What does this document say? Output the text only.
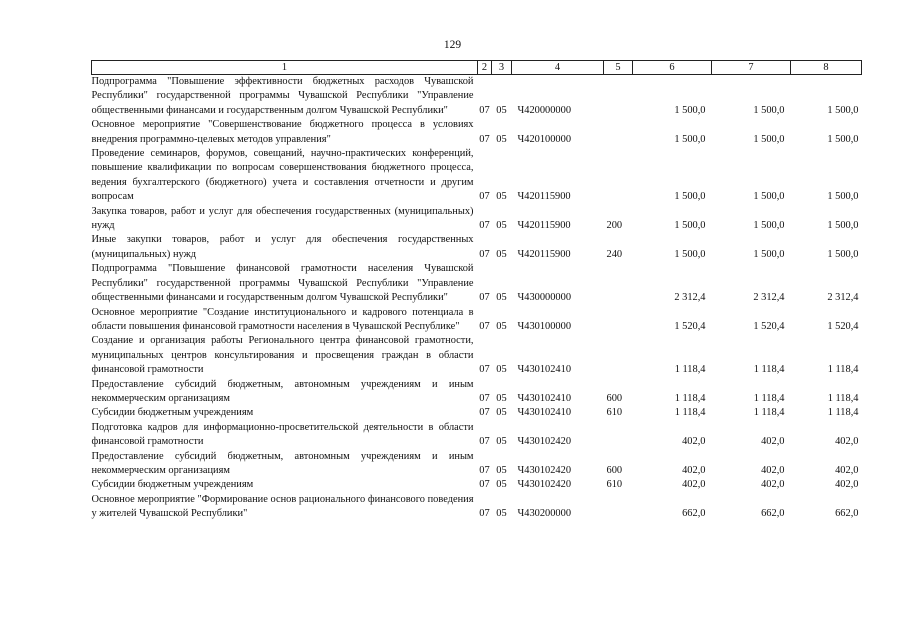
129
1	2	3	4	5	6	7	8
Подпрограмма "Повышение эффективности бюджетных расходов Чувашской Республики" государственной программы Чувашской Республики "Управление общественными финансами и государственным долгом Чувашской Республики"	07	05	Ч420000000		1 500,0	1 500,0	1 500,0
Основное мероприятие "Совершенствование бюджетного процесса в условиях внедрения программно-целевых методов управления"	07	05	Ч420100000		1 500,0	1 500,0	1 500,0
Проведение семинаров, форумов, совещаний, научно-практических конференций, повышение квалификации по вопросам совершенствования бюджетного процесса, ведения бухгалтерского (бюджетного) учета и составления отчетности и другим вопросам	07	05	Ч420115900		1 500,0	1 500,0	1 500,0
Закупка товаров, работ и услуг для обеспечения государственных (муниципальных) нужд	07	05	Ч420115900	200	1 500,0	1 500,0	1 500,0
Иные закупки товаров, работ и услуг для обеспечения государственных (муниципальных) нужд	07	05	Ч420115900	240	1 500,0	1 500,0	1 500,0
Подпрограмма "Повышение финансовой грамотности населения Чувашской Республики" государственной программы Чувашской Республики "Управление общественными финансами и государственным долгом Чувашской Республики"	07	05	Ч430000000		2 312,4	2 312,4	2 312,4
Основное мероприятие "Создание институционального и кадрового потенциала в области повышения финансовой грамотности населения в Чувашской Республике"	07	05	Ч430100000		1 520,4	1 520,4	1 520,4
Создание и организация работы Регионального центра финансовой грамотности, муниципальных центров консультирования и просвещения граждан в области финансовой грамотности	07	05	Ч430102410		1 118,4	1 118,4	1 118,4
Предоставление субсидий бюджетным, автономным учреждениям и иным некоммерческим организациям	07	05	Ч430102410	600	1 118,4	1 118,4	1 118,4
Субсидии бюджетным учреждениям	07	05	Ч430102410	610	1 118,4	1 118,4	1 118,4
Подготовка кадров для информационно-просветительской деятельности в области финансовой грамотности	07	05	Ч430102420		402,0	402,0	402,0
Предоставление субсидий бюджетным, автономным учреждениям и иным некоммерческим организациям	07	05	Ч430102420	600	402,0	402,0	402,0
Субсидии бюджетным учреждениям	07	05	Ч430102420	610	402,0	402,0	402,0
Основное мероприятие "Формирование основ рационального финансового поведения у жителей Чувашской Республики"	07	05	Ч430200000		662,0	662,0	662,0
